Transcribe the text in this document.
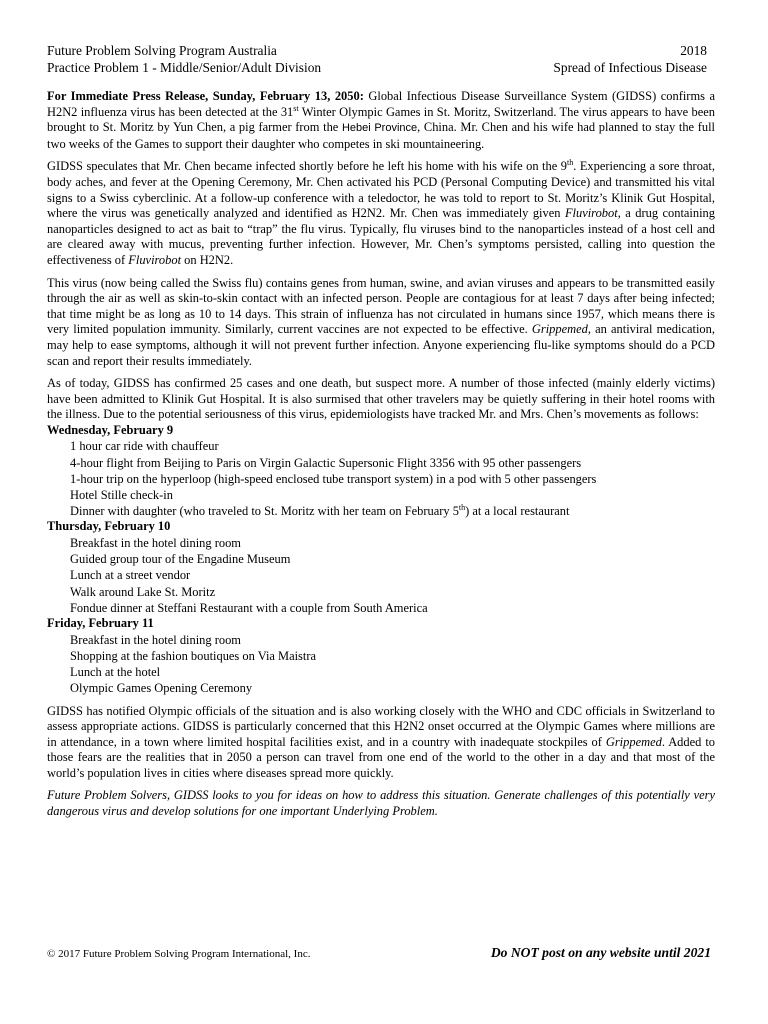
Future Problem Solving Program Australia
Practice Problem 1 - Middle/Senior/Adult Division
2018
Spread of Infectious Disease

For Immediate Press Release, Sunday, February 13, 2050: Global Infectious Disease Surveillance System (GIDSS) confirms a H2N2 influenza virus has been detected at the 31st Winter Olympic Games in St. Moritz, Switzerland. The virus appears to have been brought to St. Moritz by Yun Chen, a pig farmer from the Hebei Province, China. Mr. Chen and his wife had planned to stay the full two weeks of the Games to support their daughter who competes in ski mountaineering.

GIDSS speculates that Mr. Chen became infected shortly before he left his home with his wife on the 9th. Experiencing a sore throat, body aches, and fever at the Opening Ceremony, Mr. Chen activated his PCD (Personal Computing Device) and transmitted his vital signs to a Swiss cyberclinic. At a follow-up conference with a teledoctor, he was told to report to St. Moritz’s Klinik Gut Hospital, where the virus was genetically analyzed and identified as H2N2. Mr. Chen was immediately given Fluvirobot, a drug containing nanoparticles designed to act as bait to “trap” the flu virus. Typically, flu viruses bind to the nanoparticles instead of a host cell and are cleared away with mucus, preventing further infection. However, Mr. Chen’s symptoms persisted, calling into question the effectiveness of Fluvirobot on H2N2.

This virus (now being called the Swiss flu) contains genes from human, swine, and avian viruses and appears to be transmitted easily through the air as well as skin-to-skin contact with an infected person. People are contagious for at least 7 days after being infected; that time might be as long as 10 to 14 days. This strain of influenza has not circulated in humans since 1957, which means there is very limited population immunity. Similarly, current vaccines are not expected to be effective. Grippemed, an antiviral medication, may help to ease symptoms, although it will not prevent further infection. Anyone experiencing flu-like symptoms should do a PCD scan and report their results immediately.

As of today, GIDSS has confirmed 25 cases and one death, but suspect more. A number of those infected (mainly elderly victims) have been admitted to Klinik Gut Hospital. It is also surmised that other travelers may be quietly suffering in their hotel rooms with the illness. Due to the potential seriousness of this virus, epidemiologists have tracked Mr. and Mrs. Chen’s movements as follows:

Wednesday, February 9
1 hour car ride with chauffeur
4-hour flight from Beijing to Paris on Virgin Galactic Supersonic Flight 3356 with 95 other passengers
1-hour trip on the hyperloop (high-speed enclosed tube transport system) in a pod with 5 other passengers
Hotel Stille check-in
Dinner with daughter (who traveled to St. Moritz with her team on February 5th) at a local restaurant
Thursday, February 10
Breakfast in the hotel dining room
Guided group tour of the Engadine Museum
Lunch at a street vendor
Walk around Lake St. Moritz
Fondue dinner at Steffani Restaurant with a couple from South America
Friday, February 11
Breakfast in the hotel dining room
Shopping at the fashion boutiques on Via Maistra
Lunch at the hotel
Olympic Games Opening Ceremony

GIDSS has notified Olympic officials of the situation and is also working closely with the WHO and CDC officials in Switzerland to assess appropriate actions. GIDSS is particularly concerned that this H2N2 onset occurred at the Olympic Games where millions are in attendance, in a town where limited hospital facilities exist, and in a country with inadequate stockpiles of Grippemed. Added to those fears are the realities that in 2050 a person can travel from one end of the world to the other in a day and that most of the world’s population lives in cities where diseases spread more quickly.

Future Problem Solvers, GIDSS looks to you for ideas on how to address this situation. Generate challenges of this potentially very dangerous virus and develop solutions for one important Underlying Problem.

© 2017 Future Problem Solving Program International, Inc.	Do NOT post on any website until 2021
